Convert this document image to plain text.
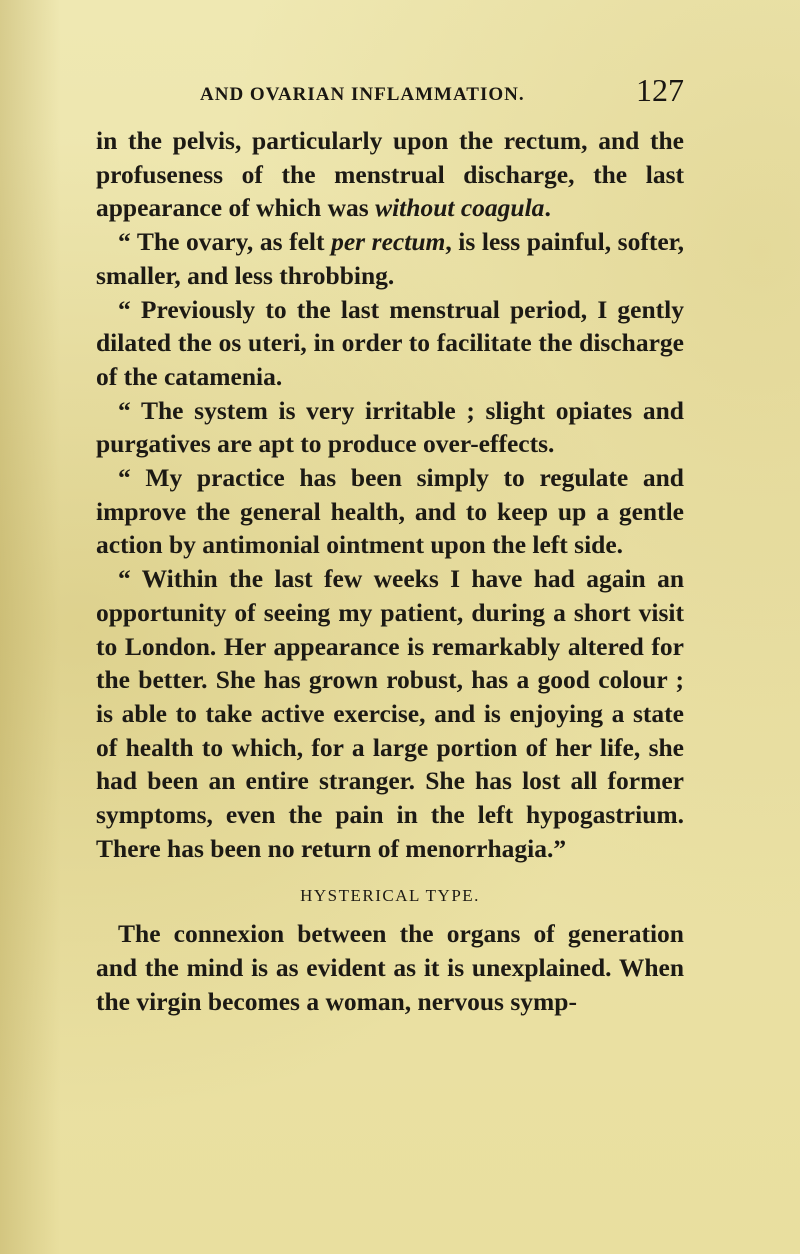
AND OVARIAN INFLAMMATION.	127

in the pelvis, particularly upon the rectum, and the profuseness of the menstrual discharge, the last appearance of which was without coagula.

“ The ovary, as felt per rectum, is less painful, softer, smaller, and less throbbing.

“ Previously to the last menstrual period, I gently dilated the os uteri, in order to facilitate the discharge of the catamenia.

“ The system is very irritable ; slight opiates and purgatives are apt to produce over-effects.

“ My practice has been simply to regulate and improve the general health, and to keep up a gentle action by antimonial ointment upon the left side.

“ Within the last few weeks I have had again an opportunity of seeing my patient, during a short visit to London. Her appearance is remarkably altered for the better. She has grown robust, has a good colour ; is able to take active exercise, and is enjoying a state of health to which, for a large portion of her life, she had been an entire stranger. She has lost all former symptoms, even the pain in the left hypogastrium. There has been no return of menorrhagia.”

HYSTERICAL TYPE.

The connexion between the organs of generation and the mind is as evident as it is unexplained. When the virgin becomes a woman, nervous symp-
